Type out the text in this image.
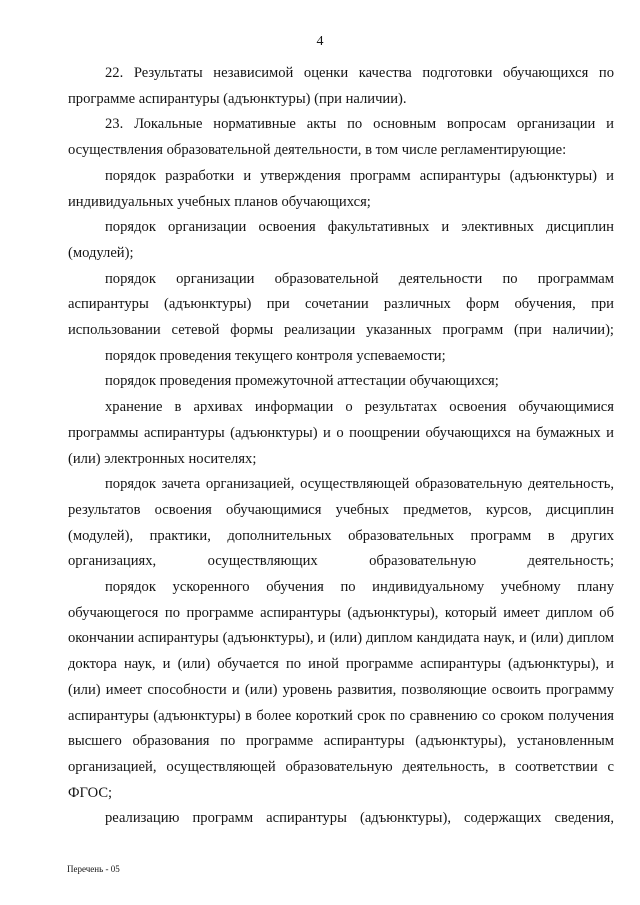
4

22. Результаты независимой оценки качества подготовки обучающихся по программе аспирантуры (адъюнктуры) (при наличии).

23. Локальные нормативные акты по основным вопросам организации и осуществления образовательной деятельности, в том числе регламентирующие:

порядок разработки и утверждения программ аспирантуры (адъюнктуры) и индивидуальных учебных планов обучающихся;

порядок организации освоения факультативных и элективных дисциплин (модулей);

порядок организации образовательной деятельности по программам аспирантуры (адъюнктуры) при сочетании различных форм обучения, при использовании сетевой формы реализации указанных программ (при наличии);

порядок проведения текущего контроля успеваемости;

порядок проведения промежуточной аттестации обучающихся;

хранение в архивах информации о результатах освоения обучающимися программы аспирантуры (адъюнктуры) и о поощрении обучающихся на бумажных и (или) электронных носителях;

порядок зачета организацией, осуществляющей образовательную деятельность, результатов освоения обучающимися учебных предметов, курсов, дисциплин (модулей), практики, дополнительных образовательных программ в других организациях, осуществляющих образовательную деятельность;

порядок ускоренного обучения по индивидуальному учебному плану обучающегося по программе аспирантуры (адъюнктуры), который имеет диплом об окончании аспирантуры (адъюнктуры), и (или) диплом кандидата наук, и (или) диплом доктора наук, и (или) обучается по иной программе аспирантуры (адъюнктуры), и (или) имеет способности и (или) уровень развития, позволяющие освоить программу аспирантуры (адъюнктуры) в более короткий срок по сравнению со сроком получения высшего образования по программе аспирантуры (адъюнктуры), установленным организацией, осуществляющей образовательную деятельность, в соответствии с ФГОС;

реализацию программ аспирантуры (адъюнктуры), содержащих сведения,

Перечень - 05
